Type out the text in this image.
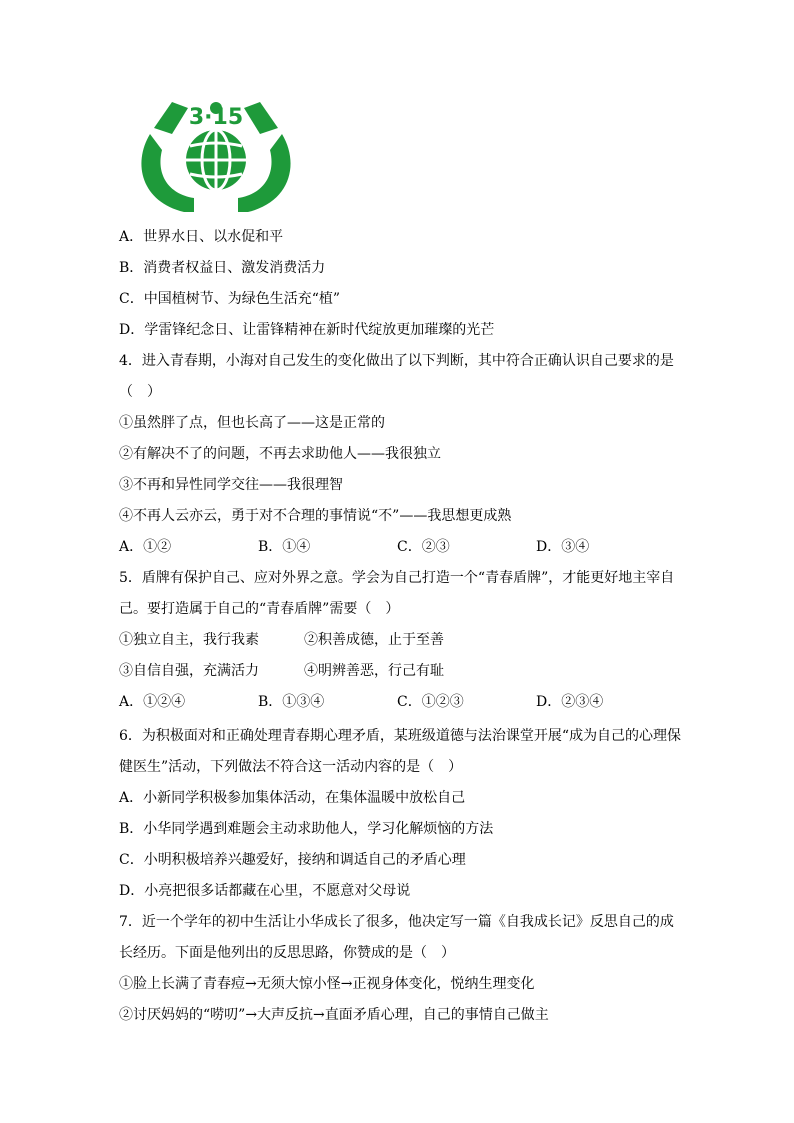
3·15
A．世界水日、以水促和平
B．消费者权益日、激发消费活力
C．中国植树节、为绿色生活充“植”
D．学雷锋纪念日、让雷锋精神在新时代绽放更加璀璨的光芒
4．进入青春期，小海对自己发生的变化做出了以下判断，其中符合正确认识自己要求的是
（　）
①虽然胖了点，但也长高了——这是正常的
②有解决不了的问题，不再去求助他人——我很独立
③不再和异性同学交往——我很理智
④不再人云亦云，勇于对不合理的事情说“不”——我思想更成熟
A．①②	B．①④	C．②③	D．③④
5．盾牌有保护自己、应对外界之意。学会为自己打造一个“青春盾牌”，才能更好地主宰自
己。要打造属于自己的“青春盾牌”需要（　）
①独立自主，我行我素	②积善成德，止于至善
③自信自强，充满活力	④明辨善恶，行己有耻
A．①②④	B．①③④	C．①②③	D．②③④
6．为积极面对和正确处理青春期心理矛盾，某班级道德与法治课堂开展“成为自己的心理保
健医生”活动，下列做法不符合这一活动内容的是（　）
A．小新同学积极参加集体活动，在集体温暖中放松自己
B．小华同学遇到难题会主动求助他人，学习化解烦恼的方法
C．小明积极培养兴趣爱好，接纳和调适自己的矛盾心理
D．小亮把很多话都藏在心里，不愿意对父母说
7．近一个学年的初中生活让小华成长了很多，他决定写一篇《自我成长记》反思自己的成
长经历。下面是他列出的反思思路，你赞成的是（　）
①脸上长满了青春痘→无须大惊小怪→正视身体变化，悦纳生理变化
②讨厌妈妈的“唠叨”→大声反抗→直面矛盾心理，自己的事情自己做主
